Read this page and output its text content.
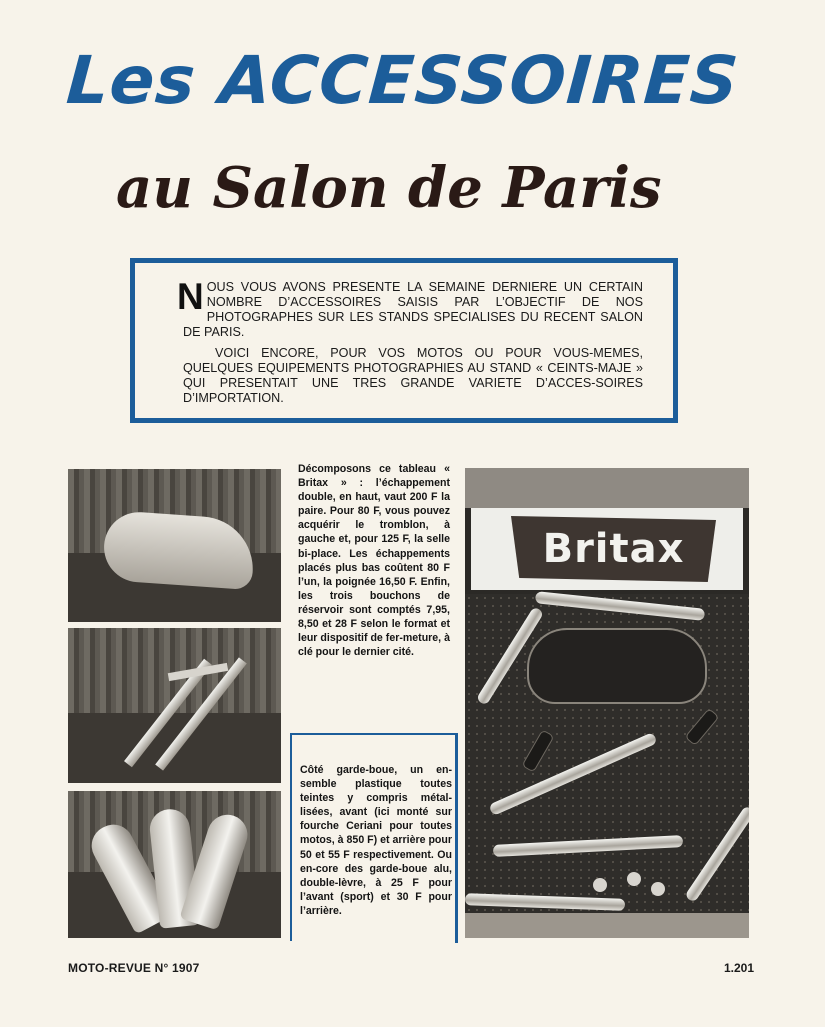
Les ACCESSOIRES
au Salon de Paris

NOUS VOUS AVONS PRESENTE LA SEMAINE DERNIERE UN CERTAIN NOMBRE D’ACCESSOIRES SAISIS PAR L’OBJECTIF DE NOS PHOTOGRAPHES SUR LES STANDS SPECIALISES DU RECENT SALON DE PARIS.

VOICI ENCORE, POUR VOS MOTOS OU POUR VOUS-MEMES, QUELQUES EQUIPEMENTS PHOTOGRAPHIES AU STAND « CEINTS-MAJE » QUI PRESENTAIT UNE TRES GRANDE VARIETE D’ACCES-SOIRES D’IMPORTATION.

Décomposons ce tableau « Britax » : l’échappement double, en haut, vaut 200 F la paire. Pour 80 F, vous pouvez acquérir le tromblon, à gauche et, pour 125 F, la selle bi-place. Les échappements placés plus bas coûtent 80 F l’un, la poignée 16,50 F. Enfin, les trois bouchons de réservoir sont comptés 7,95, 8,50 et 28 F selon le format et leur dispositif de fer-meture, à clé pour le dernier cité.

Côté garde-boue, un en-semble plastique toutes teintes y compris métal-lisées, avant (ici monté sur fourche Ceriani pour toutes motos, à 850 F) et arrière pour 50 et 55 F respectivement. Ou en-core des garde-boue alu, double-lèvre, à 25 F pour l’avant (sport) et 30 F pour l’arrière.

Britax
MOTO-REVUE N° 1907	1.201
